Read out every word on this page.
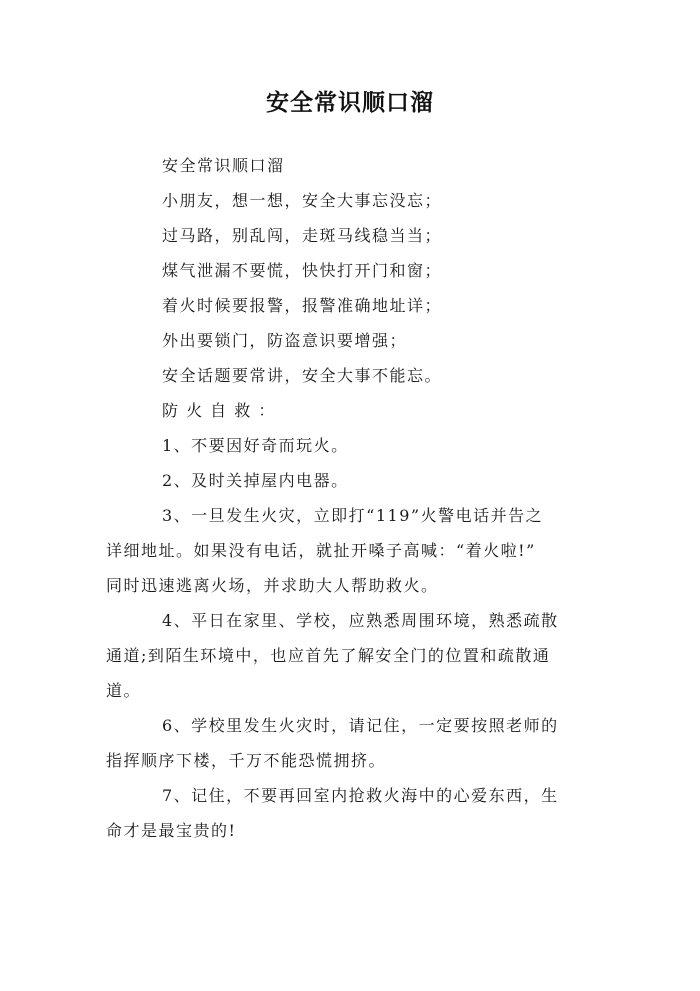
安全常识顺口溜
安全常识顺口溜
小朋友，想一想，安全大事忘没忘；
过马路，别乱闯，走斑马线稳当当；
煤气泄漏不要慌，快快打开门和窗；
着火时候要报警，报警准确地址详；
外出要锁门，防盗意识要增强；
安全话题要常讲，安全大事不能忘。
防 火 自 救 ：
1、不要因好奇而玩火。
2、及时关掉屋内电器。
3、一旦发生火灾，立即打“119”火警电话并告之
详细地址。如果没有电话，就扯开嗓子高喊：“着火啦!”
同时迅速逃离火场，并求助大人帮助救火。
4、平日在家里、学校，应熟悉周围环境，熟悉疏散
通道;到陌生环境中，也应首先了解安全门的位置和疏散通
道。
6、学校里发生火灾时，请记住，一定要按照老师的
指挥顺序下楼，千万不能恐慌拥挤。
7、记住，不要再回室内抢救火海中的心爱东西，生
命才是最宝贵的!
